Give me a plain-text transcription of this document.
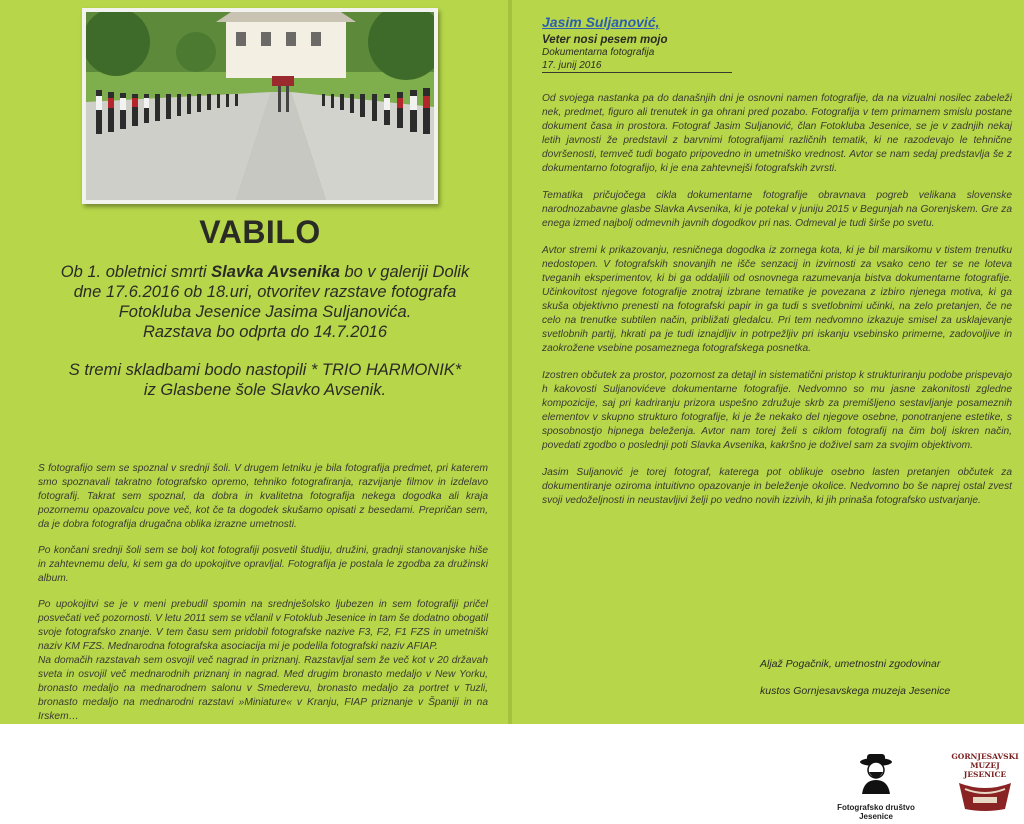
VABILO

Ob 1. obletnici smrti Slavka Avsenika bo v galeriji Dolik

dne 17.6.2016 ob 18.uri, otvoritev razstave fotografa

Fotokluba Jesenice Jasima Suljanovića.

Razstava bo odprta do 14.7.2016

S tremi skladbami bodo nastopili * TRIO HARMONIK*

iz Glasbene šole Slavko Avsenik.

S fotografijo sem se spoznal v srednji šoli. V drugem letniku je bila fotografija predmet, pri katerem smo spoznavali takratno fotografsko opremo, tehniko fotografiranja, razvijanje filmov in izdelavo fotografij. Takrat sem spoznal, da dobra in kvalitetna fotografija nekega dogodka ali kraja pozornemu opazovalcu pove več, kot če ta dogodek skušamo opisati z besedami. Prepričan sem, da je dobra fotografija drugačna oblika izrazne umetnosti.

Po končani srednji šoli sem se bolj kot fotografiji posvetil študiju, družini, gradnji stanovanjske hiše in zahtevnemu delu, ki sem ga do upokojitve opravljal. Fotografija je postala le zgodba za družinski album.

Po upokojitvi se je v meni prebudil spomin na srednješolsko ljubezen in sem fotografiji pričel posvečati več pozornosti. V letu 2011 sem se včlanil v Fotoklub Jesenice in tam še dodatno obogatil svoje fotografsko znanje. V tem času sem pridobil fotografske nazive F3, F2, F1 FZS in umetniški naziv KM FZS. Mednarodna fotografska asociacija mi je podelila fotografski naziv AFIAP.

Na domačih razstavah sem osvojil več nagrad in priznanj. Razstavljal sem že več kot v 20 državah sveta in osvojil več mednarodnih priznanj in nagrad. Med drugim bronasto medaljo v New Yorku, bronasto medaljo na mednarodnem salonu v Smederevu, bronasto medaljo za portret v Tuzli, bronasto medaljo na mednarodni razstavi »Miniature« v Kranju, FIAP priznanje v Španiji in na Irskem…

Jasim Suljanović,
Veter nosi pesem mojo
Dokumentarna fotografija
17. junij 2016

Od svojega nastanka pa do današnjih dni je osnovni namen fotografije, da na vizualni nosilec zabeleži nek, predmet, figuro ali trenutek in ga ohrani pred pozabo. Fotografija v tem primarnem smislu postane dokument časa in prostora. Fotograf Jasim Suljanović, član Fotokluba Jesenice, se je v zadnjih nekaj letih javnosti že predstavil z barvnimi fotografijami različnih tematik, ki ne razodevajo le tehnične dovršenosti, temveč tudi bogato pripovedno in umetniško vrednost. Avtor se nam sedaj predstavlja še z dokumentarno fotografijo, ki je ena zahtevnejši fotografskih zvrsti.

Tematika pričujočega cikla dokumentarne fotografije obravnava pogreb velikana slovenske narodnozabavne glasbe Slavka Avsenika, ki je potekal v juniju 2015 v Begunjah na Gorenjskem. Gre za enega izmed najbolj odmevnih javnih dogodkov pri nas. Odmeval je tudi širše po svetu.

Avtor stremi k prikazovanju, resničnega dogodka iz zornega kota, ki je bil marsikomu v tistem trenutku nedostopen. V fotografskih snovanjih ne išče senzacij in izvirnosti za vsako ceno ter se ne loteva tveganih eksperimentov, ki bi ga oddaljili od osnovnega razumevanja bistva dokumentarne fotografije. Učinkovitost njegove fotografije znotraj izbrane tematike je povezana z izbiro njenega motiva, ki ga skuša objektivno prenesti na fotografski papir in ga tudi s svetlobnimi učinki, na zelo pretanjen, če ne celo na trenutke subtilen način, približati gledalcu. Pri tem nedvomno izkazuje smisel za usklajevanje svetlobnih partij, hkrati pa je tudi iznajdljiv in potrpežljiv pri iskanju vsebinsko primerne, zadovoljive in zaokrožene vsebine posameznega fotografskega posnetka.

Izostren občutek za prostor, pozornost za detajl in sistematični pristop k strukturiranju podobe prispevajo h kakovosti Suljanovićeve dokumentarne fotografije. Nedvomno so mu jasne zakonitosti zgledne kompozicije, saj pri kadriranju prizora uspešno združuje skrb za premišljeno sestavljanje posameznih elementov v skupno strukturo fotografije, ki je že nekako del njegove osebne, ponotranjene estetike, s sposobnostjo hipnega beleženja. Avtor nam torej želi s ciklom fotografij na čim bolj iskren način, povedati zgodbo o poslednji poti Slavka Avsenika, kakršno je doživel sam za svojim objektivom.

Jasim Suljanović je torej fotograf, katerega pot oblikuje osebno lasten pretanjen občutek za dokumentiranje oziroma intuitivno opazovanje in beleženje okolice. Nedvomno bo še naprej ostal zvest svoji vedoželjnosti in neustavljivi želji po vedno novih izzivih, ki jih prinaša fotografsko ustvarjanje.

Aljaž Pogačnik, umetnostni zgodovinar
kustos Gornjesavskega muzeja Jesenice
Fotografsko društvo
Jesenice
GORNJESAVSKI
MUZEJ JESENICE
